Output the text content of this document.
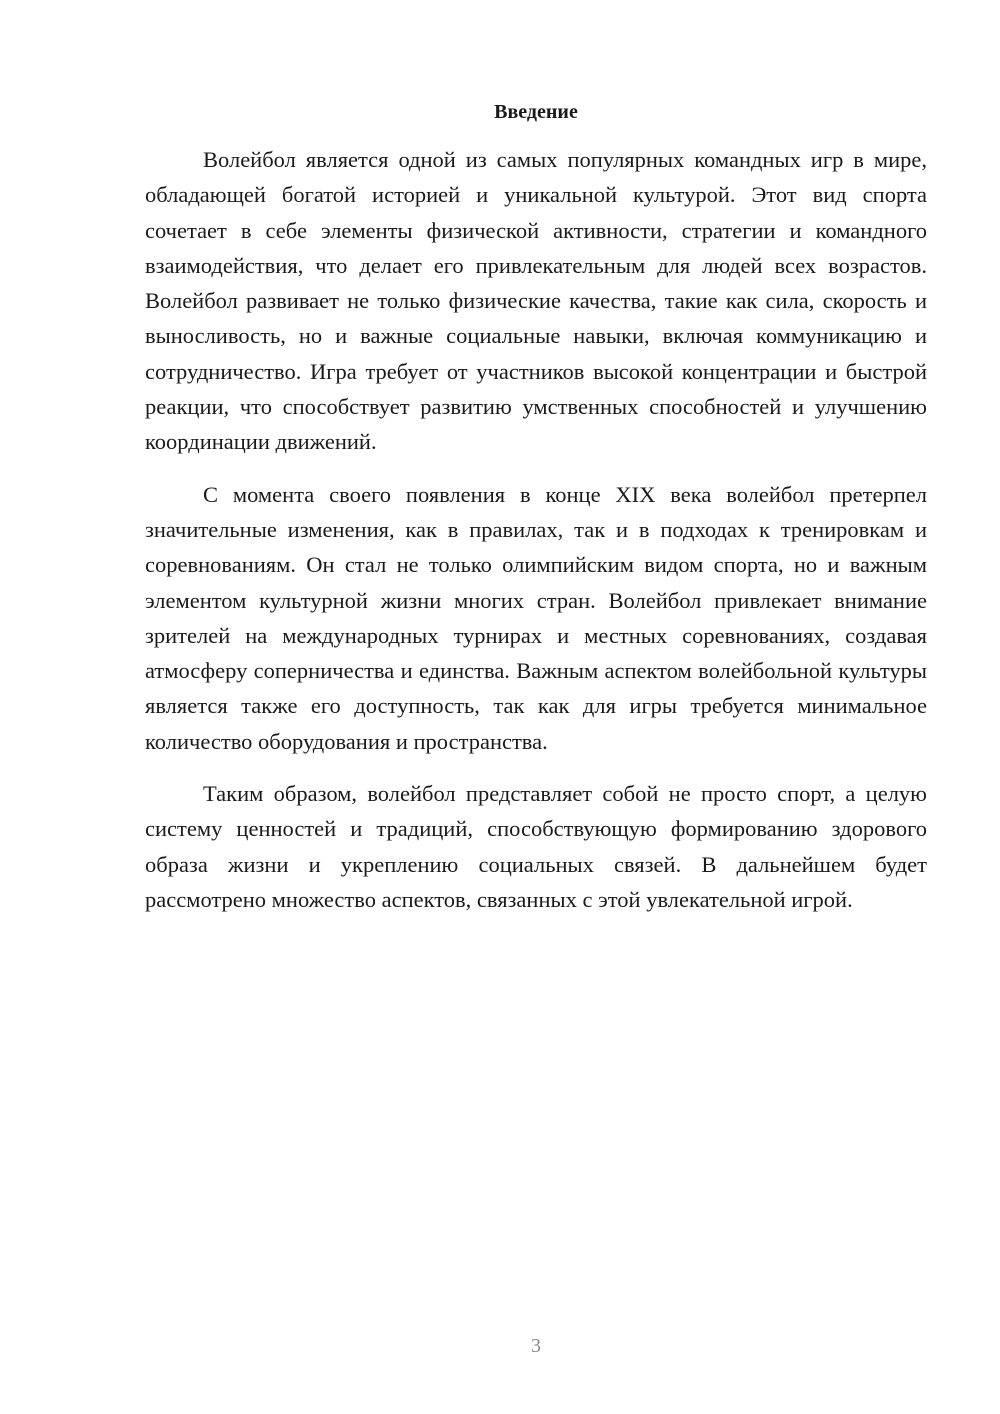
Введение

Волейбол является одной из самых популярных командных игр в мире, обладающей богатой историей и уникальной культурой. Этот вид спорта сочетает в себе элементы физической активности, стратегии и командного взаимодействия, что делает его привлекательным для людей всех возрастов. Волейбол развивает не только физические качества, такие как сила, скорость и выносливость, но и важные социальные навыки, включая коммуникацию и сотрудничество. Игра требует от участников высокой концентрации и быстрой реакции, что способствует развитию умственных способностей и улучшению координации движений.

С момента своего появления в конце XIX века волейбол претерпел значительные изменения, как в правилах, так и в подходах к тренировкам и соревнованиям. Он стал не только олимпийским видом спорта, но и важным элементом культурной жизни многих стран. Волейбол привлекает внимание зрителей на международных турнирах и местных соревнованиях, создавая атмосферу соперничества и единства. Важным аспектом волейбольной культуры является также его доступность, так как для игры требуется минимальное количество оборудования и пространства.

Таким образом, волейбол представляет собой не просто спорт, а целую систему ценностей и традиций, способствующую формированию здорового образа жизни и укреплению социальных связей. В дальнейшем будет рассмотрено множество аспектов, связанных с этой увлекательной игрой.

3
